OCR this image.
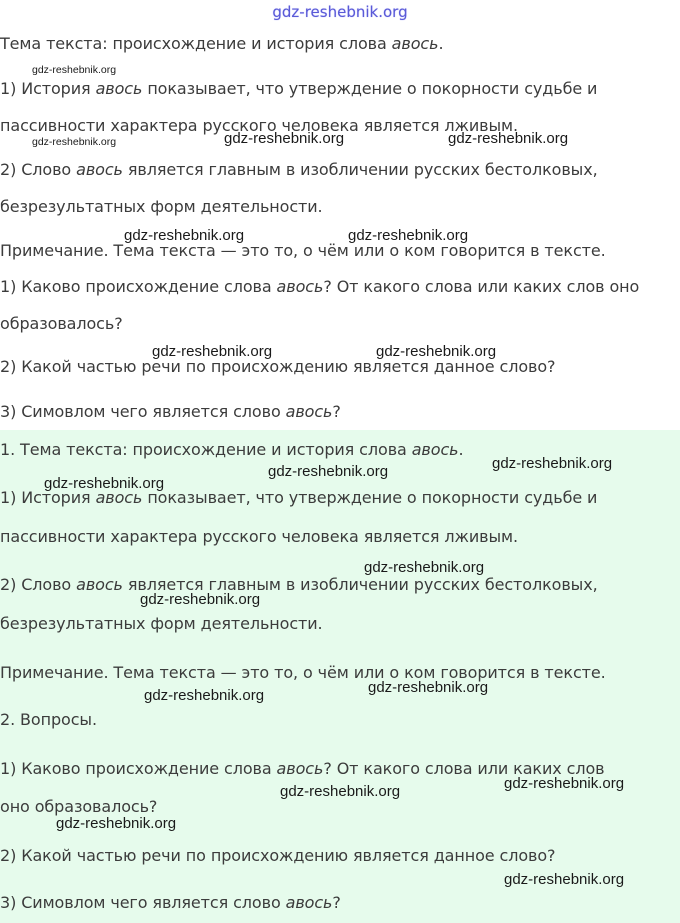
gdz-reshebnik.org
Тема текста: происхождение и история слова авось.
1) История авось показывает, что утверждение о покорности судьбе и
пассивности характера русского человека является лживым.
2) Слово авось является главным в изобличении русских бестолковых,
безрезультатных форм деятельности.
Примечание. Тема текста — это то, о чём или о ком говорится в тексте.
1) Каково происхождение слова авось? От какого слова или каких слов оно
образовалось?
2) Какой частью речи по происхождению является данное слово?
3) Симовлом чего является слово авось?
1. Тема текста: происхождение и история слова авось.
1) История авось показывает, что утверждение о покорности судьбе и
пассивности характера русского человека является лживым.
2) Слово авось является главным в изобличении русских бестолковых,
безрезультатных форм деятельности.
Примечание. Тема текста — это то, о чём или о ком говорится в тексте.
2. Вопросы.
1) Каково происхождение слова авось? От какого слова или каких слов
оно образовалось?
2) Какой частью речи по происхождению является данное слово?
3) Симовлом чего является слово авось?
gdz-reshebnik.org
gdz-reshebnik.org	gdz-reshebnik.org	gdz-reshebnik.org
gdz-reshebnik.org	gdz-reshebnik.org
gdz-reshebnik.org	gdz-reshebnik.org
gdz-reshebnik.org
gdz-reshebnik.org
gdz-reshebnik.org
gdz-reshebnik.org
gdz-reshebnik.org
gdz-reshebnik.org
gdz-reshebnik.org
gdz-reshebnik.org
gdz-reshebnik.org
gdz-reshebnik.org
gdz-reshebnik.org
